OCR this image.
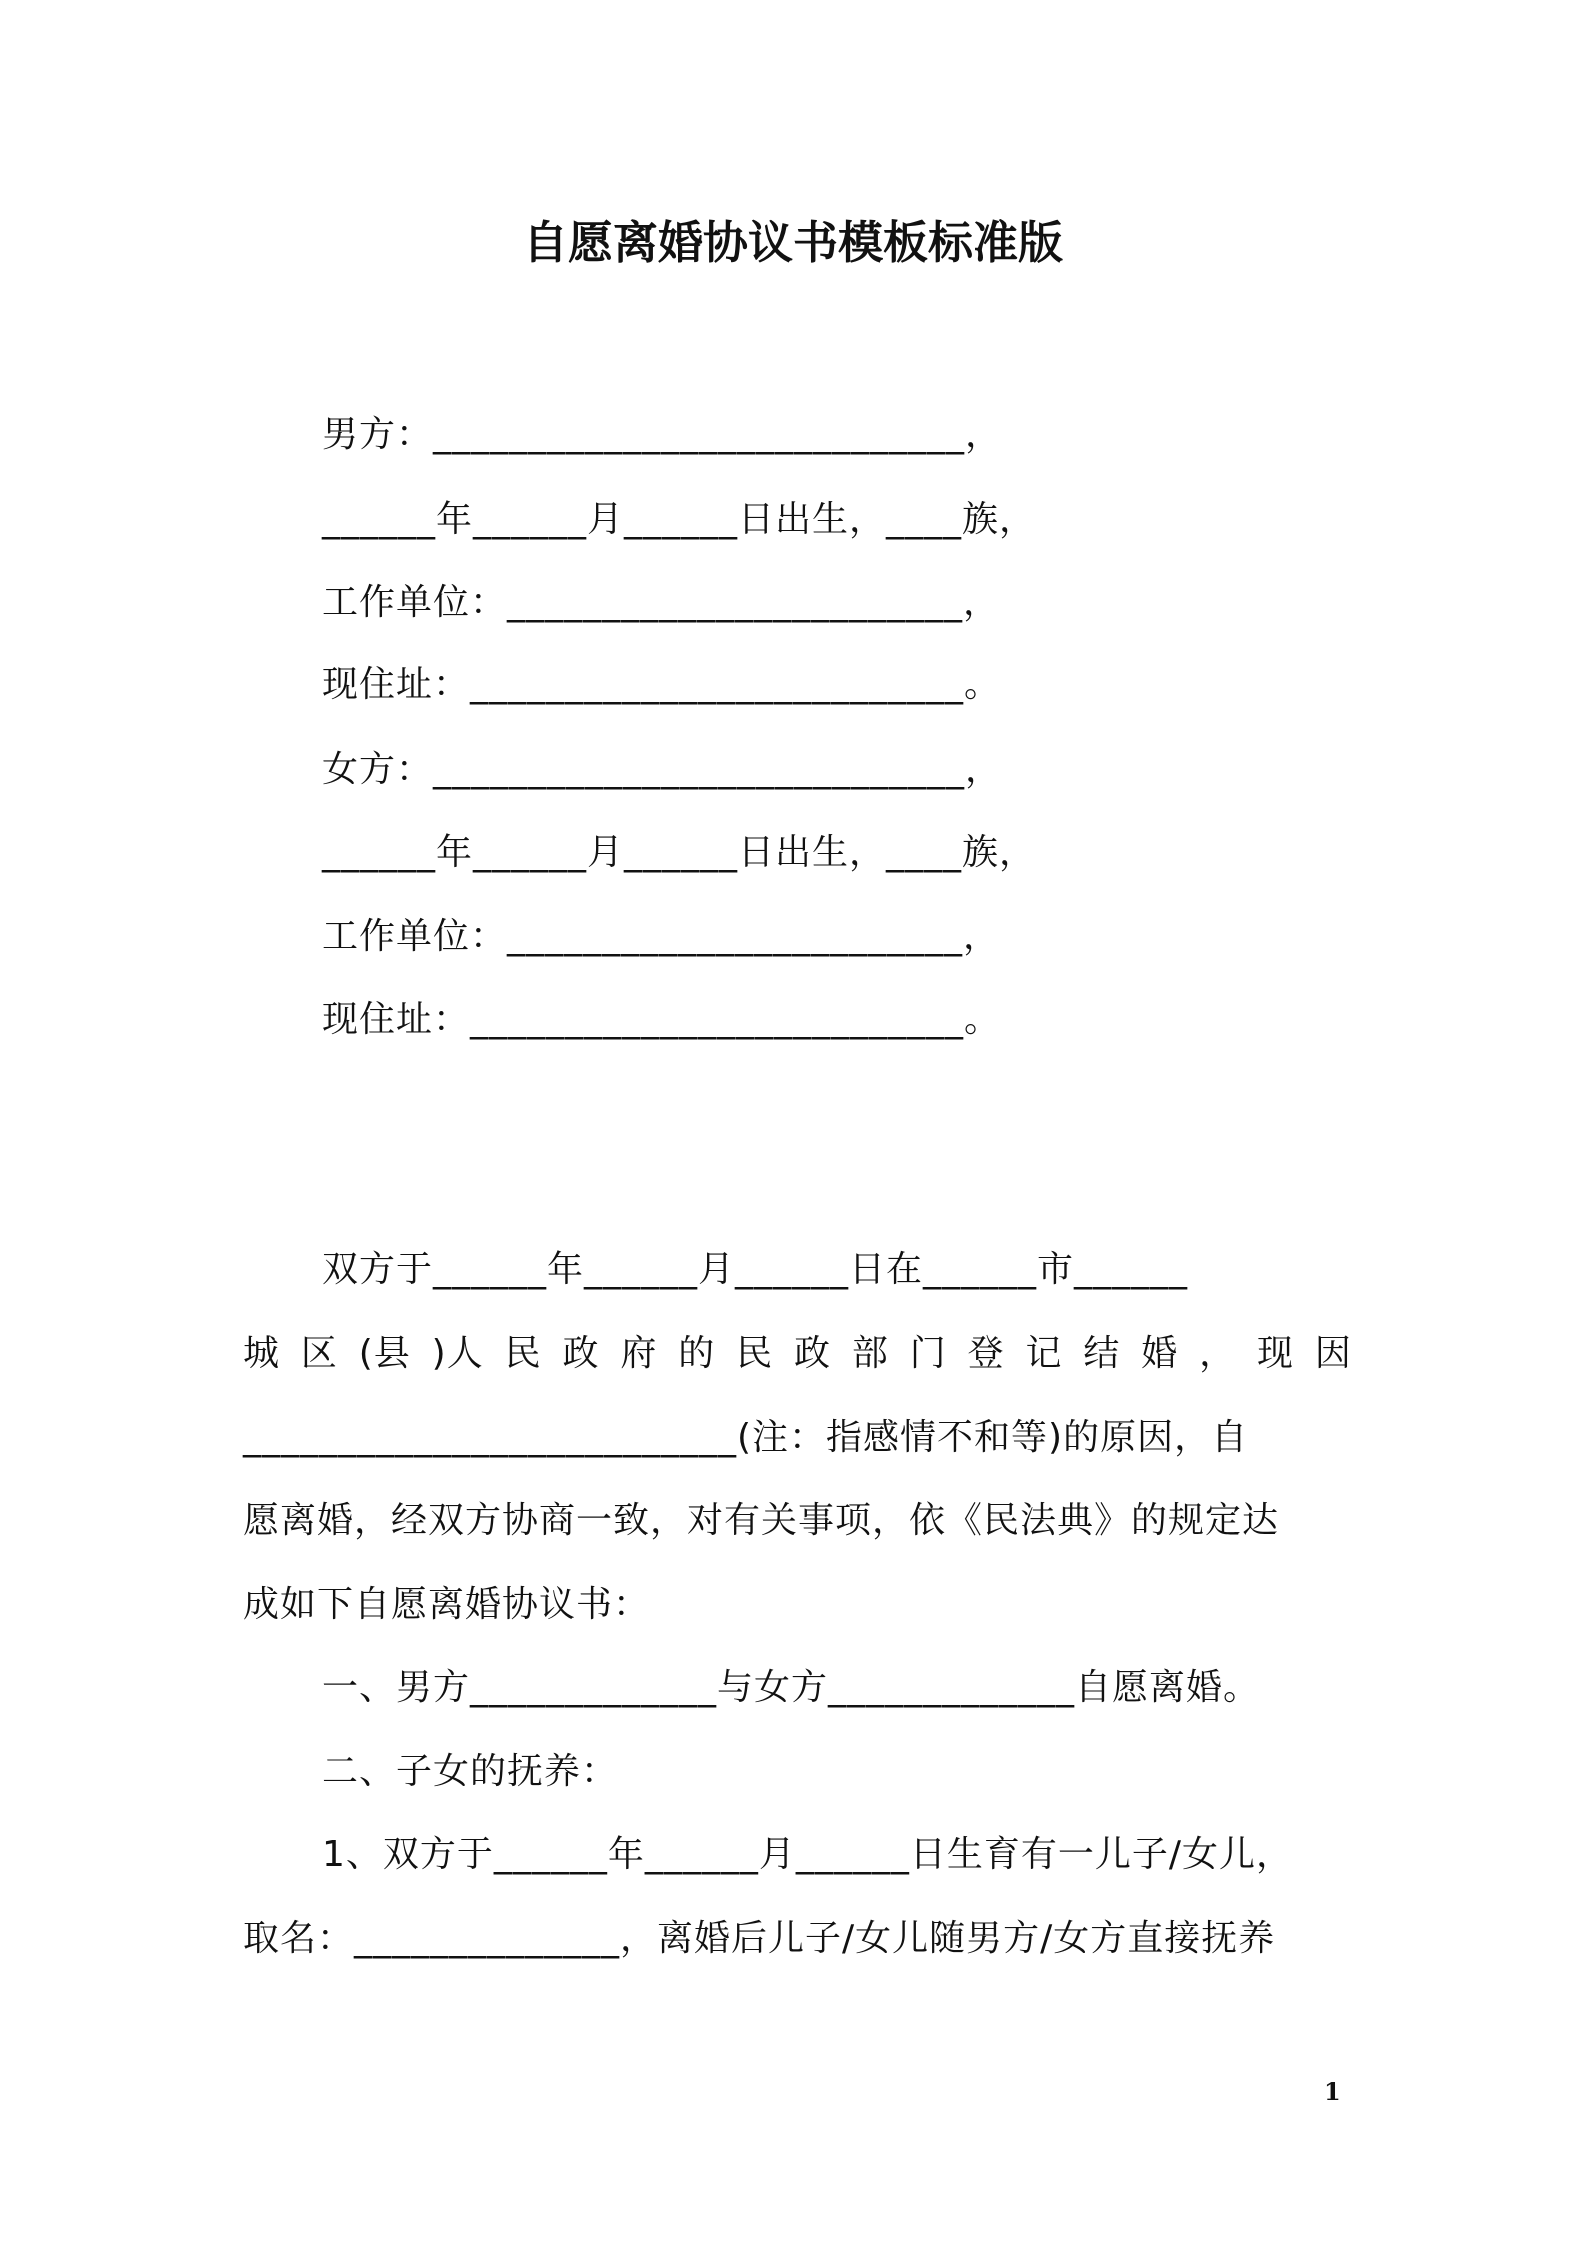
自愿离婚协议书模板标准版
男方：____________________________，
______年______月______日出生，____族，
工作单位：________________________，
现住址：__________________________。
女方：____________________________，
______年______月______日出生，____族，
工作单位：________________________，
现住址：__________________________。
双方于______年______月______日在______市______
城 区 (县 )人 民 政 府 的 民 政 部 门 登 记 结 婚 ， 现 因
__________________________(注：指感情不和等)的原因，自
愿离婚，经双方协商一致，对有关事项，依《民法典》的规定达
成如下自愿离婚协议书：
一、男方_____________与女方_____________自愿离婚。
二、子女的抚养：
1、双方于______年______月______日生育有一儿子/女儿，
取名：______________，离婚后儿子/女儿随男方/女方直接抚养
1
